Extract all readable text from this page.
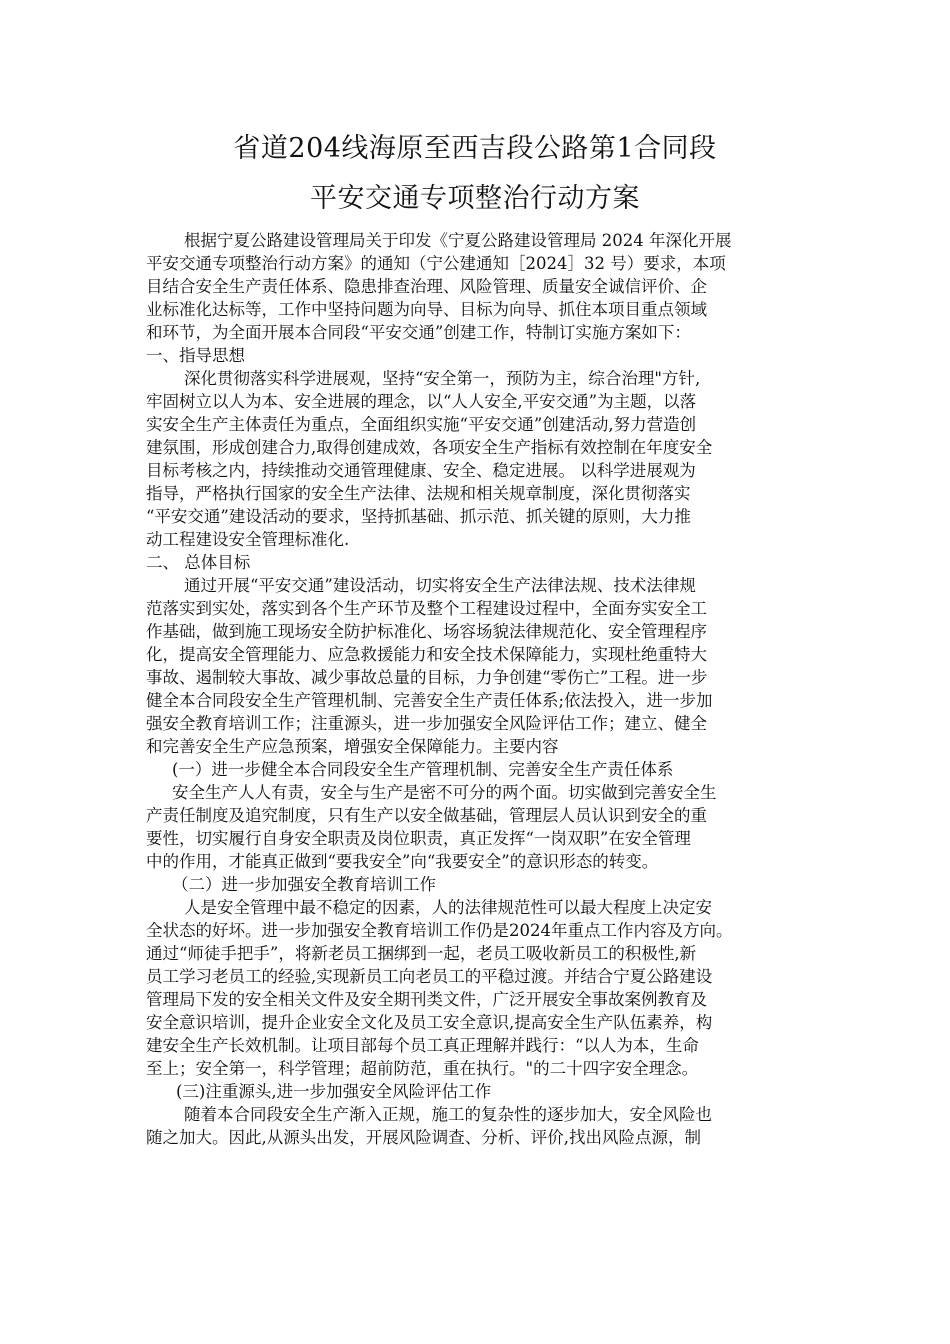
省道204线海原至西吉段公路第1合同段
平安交通专项整治行动方案
根据宁夏公路建设管理局关于印发《宁夏公路建设管理局 2024 年深化开展
平安交通专项整治行动方案》的通知（宁公建通知［2024］32 号）要求，本项
目结合安全生产责任体系、隐患排查治理、风险管理、质量安全诚信评价、企
业标准化达标等，工作中坚持问题为向导、目标为向导、抓住本项目重点领域
和环节，为全面开展本合同段“平安交通”创建工作，特制订实施方案如下：
一、指导思想
深化贯彻落实科学进展观，坚持“安全第一，预防为主，综合治理"方针,
牢固树立以人为本、安全进展的理念，以“人人安全,平安交通”为主题，以落
实安全生产主体责任为重点，全面组织实施“平安交通”创建活动,努力营造创
建氛围，形成创建合力,取得创建成效，各项安全生产指标有效控制在年度安全
目标考核之内，持续推动交通管理健康、安全、稳定进展。 以科学进展观为
指导，严格执行国家的安全生产法律、法规和相关规章制度，深化贯彻落实
“平安交通”建设活动的要求，坚持抓基础、抓示范、抓关键的原则，大力推
动工程建设安全管理标准化.
二、 总体目标
通过开展“平安交通”建设活动，切实将安全生产法律法规、技术法律规
范落实到实处，落实到各个生产环节及整个工程建设过程中，全面夯实安全工
作基础，做到施工现场安全防护标准化、场容场貌法律规范化、安全管理程序
化，提高安全管理能力、应急救援能力和安全技术保障能力，实现杜绝重特大
事故、遏制较大事故、减少事故总量的目标，力争创建“零伤亡”工程。进一步
健全本合同段安全生产管理机制、完善安全生产责任体系;依法投入，进一步加
强安全教育培训工作；注重源头，进一步加强安全风险评估工作；建立、健全
和完善安全生产应急预案，增强安全保障能力。主要内容
(一）进一步健全本合同段安全生产管理机制、完善安全生产责任体系
安全生产人人有责，安全与生产是密不可分的两个面。切实做到完善安全生
产责任制度及追究制度，只有生产以安全做基础，管理层人员认识到安全的重
要性，切实履行自身安全职责及岗位职责，真正发挥“一岗双职”在安全管理
中的作用，才能真正做到“要我安全”向“我要安全”的意识形态的转变。
（二）进一步加强安全教育培训工作
人是安全管理中最不稳定的因素，人的法律规范性可以最大程度上决定安
全状态的好坏。进一步加强安全教育培训工作仍是2024年重点工作内容及方向。
通过“师徒手把手”，将新老员工捆绑到一起，老员工吸收新员工的积极性,新
员工学习老员工的经验,实现新员工向老员工的平稳过渡。并结合宁夏公路建设
管理局下发的安全相关文件及安全期刊类文件，广泛开展安全事故案例教育及
安全意识培训，提升企业安全文化及员工安全意识,提高安全生产队伍素养，构
建安全生产长效机制。让项目部每个员工真正理解并践行：“以人为本，生命
至上；安全第一，科学管理；超前防范，重在执行。"的二十四字安全理念。
(三)注重源头,进一步加强安全风险评估工作
随着本合同段安全生产渐入正规，施工的复杂性的逐步加大，安全风险也
随之加大。因此,从源头出发，开展风险调查、分析、评价,找出风险点源，制
